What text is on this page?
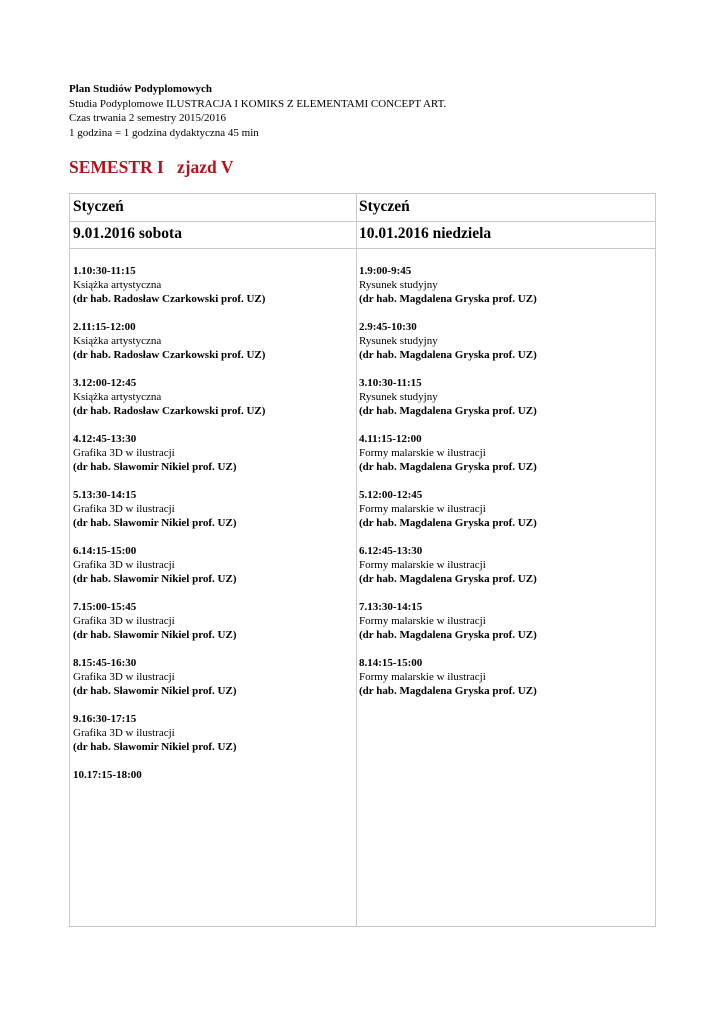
Plan Studiów Podyplomowych
Studia Podyplomowe ILUSTRACJA I KOMIKS Z ELEMENTAMI CONCEPT ART.
Czas trwania 2 semestry 2015/2016
1 godzina = 1 godzina dydaktyczna 45 min
SEMESTR I   zjazd V
Styczeń	Styczeń
9.01.2016 sobota	10.01.2016 niedziela
1.10:30-11:15
Książka artystyczna
(dr hab. Radosław Czarkowski prof. UZ)
2.11:15-12:00
Książka artystyczna
(dr hab. Radosław Czarkowski prof. UZ)
3.12:00-12:45
Książka artystyczna
(dr hab. Radosław Czarkowski prof. UZ)
4.12:45-13:30
Grafika 3D w ilustracji
(dr hab. Sławomir Nikiel prof. UZ)
5.13:30-14:15
Grafika 3D w ilustracji
(dr hab. Sławomir Nikiel prof. UZ)
6.14:15-15:00
Grafika 3D w ilustracji
(dr hab. Sławomir Nikiel prof. UZ)
7.15:00-15:45
Grafika 3D w ilustracji
(dr hab. Sławomir Nikiel prof. UZ)
8.15:45-16:30
Grafika 3D w ilustracji
(dr hab. Sławomir Nikiel prof. UZ)
9.16:30-17:15
Grafika 3D w ilustracji
(dr hab. Sławomir Nikiel prof. UZ)
10.17:15-18:00
1.9:00-9:45
Rysunek studyjny
(dr hab. Magdalena Gryska prof. UZ)
2.9:45-10:30
Rysunek studyjny
(dr hab. Magdalena Gryska prof. UZ)
3.10:30-11:15
Rysunek studyjny
(dr hab. Magdalena Gryska prof. UZ)
4.11:15-12:00
Formy malarskie w ilustracji
(dr hab. Magdalena Gryska prof. UZ)
5.12:00-12:45
Formy malarskie w ilustracji
(dr hab. Magdalena Gryska prof. UZ)
6.12:45-13:30
Formy malarskie w ilustracji
(dr hab. Magdalena Gryska prof. UZ)
7.13:30-14:15
Formy malarskie w ilustracji
(dr hab. Magdalena Gryska prof. UZ)
8.14:15-15:00
Formy malarskie w ilustracji
(dr hab. Magdalena Gryska prof. UZ)
